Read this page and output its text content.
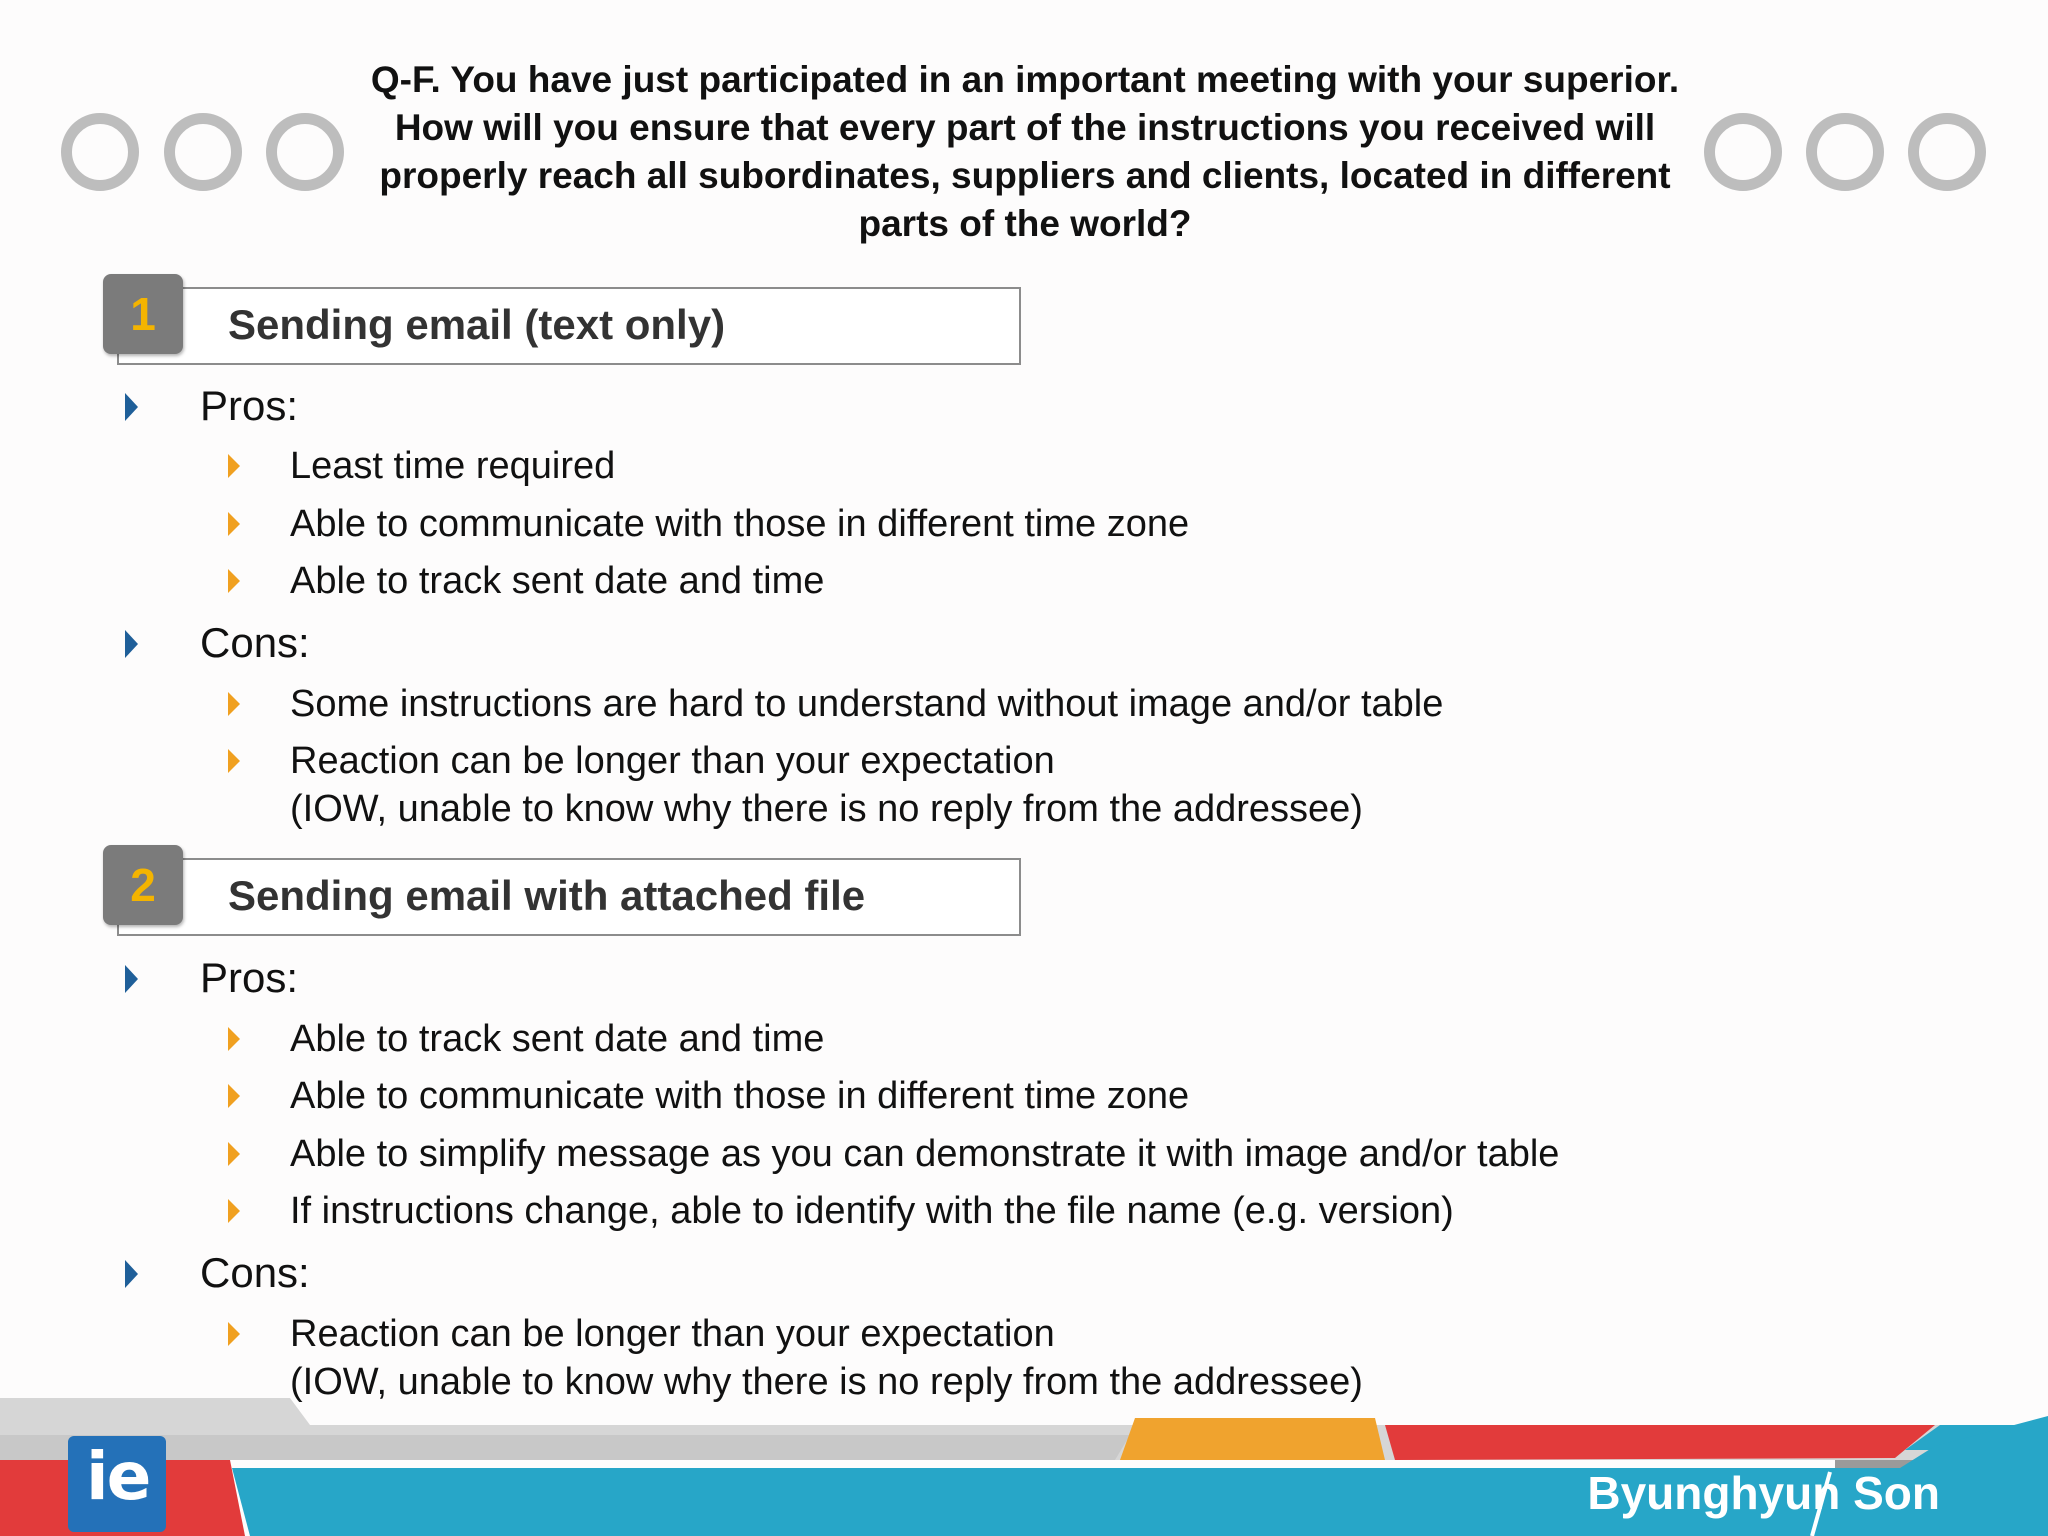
Q-F. You have just participated in an important meeting with your superior. How will you ensure that every part of the instructions you received will properly reach all subordinates, suppliers and clients, located in different parts of the world?
1	Sending email (text only)
Pros:
Least time required
Able to communicate with those in different time zone
Able to track sent date and time
Cons:
Some instructions are hard to understand without image and/or table
Reaction can be longer than your expectation
(IOW, unable to know why there is no reply from the addressee)
2	Sending email with attached file
Pros:
Able to track sent date and time
Able to communicate with those in different time zone
Able to simplify message as you can demonstrate it with image and/or table
If instructions change, able to identify with the file name (e.g. version)
Cons:
Reaction can be longer than your expectation
(IOW, unable to know why there is no reply from the addressee)
ie	Byunghyun Son
